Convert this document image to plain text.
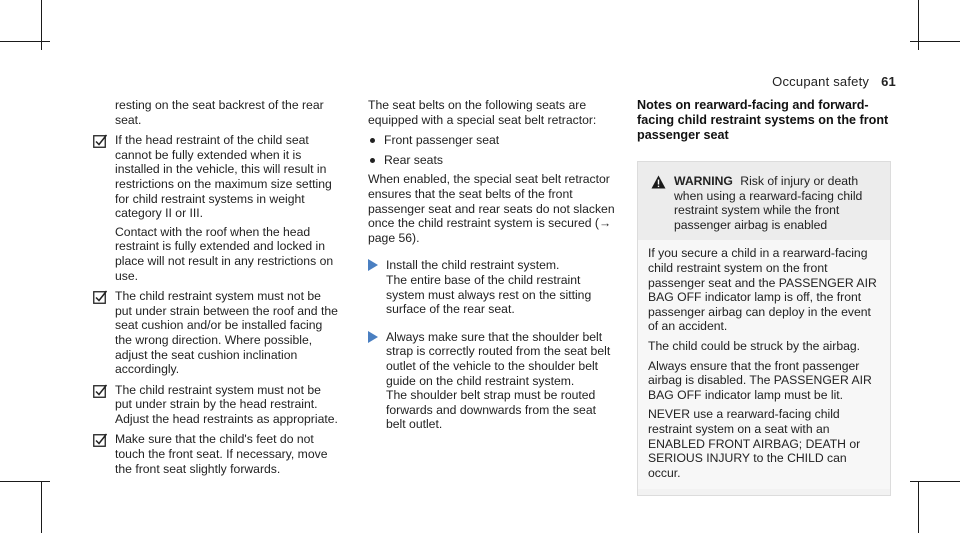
Occupant safety 61

resting on the seat backrest of the rear seat.

If the head restraint of the child seat cannot be fully extended when it is installed in the vehicle, this will result in restrictions on the maximum size setting for child restraint systems in weight category II or III.
Contact with the roof when the head restraint is fully extended and locked in place will not result in any restrictions on use.
The child restraint system must not be put under strain between the roof and the seat cushion and/or be installed facing the wrong direction. Where possible, adjust the seat cushion inclination accordingly.
The child restraint system must not be put under strain by the head restraint. Adjust the head restraints as appropriate.
Make sure that the child's feet do not touch the front seat. If necessary, move the front seat slightly forwards.

The seat belts on the following seats are equipped with a special seat belt retractor:

Front passenger seat
Rear seats

When enabled, the special seat belt retractor ensures that the seat belts of the front passenger seat and rear seats do not slacken once the child restraint system is secured (→ page 56).

Install the child restraint system.
The entire base of the child restraint system must always rest on the sitting surface of the rear seat.
Always make sure that the shoulder belt strap is correctly routed from the seat belt outlet of the vehicle to the shoulder belt guide on the child restraint system.
The shoulder belt strap must be routed forwards and downwards from the seat belt outlet.
Notes on rearward-facing and forward-facing child restraint systems on the front passenger seat
WARNING Risk of injury or death when using a rearward-facing child restraint system while the front passenger airbag is enabled

If you secure a child in a rearward-facing child restraint system on the front passenger seat and the PASSENGER AIR BAG OFF indicator lamp is off, the front passenger airbag can deploy in the event of an accident.

The child could be struck by the airbag.

Always ensure that the front passenger airbag is disabled. The PASSENGER AIR BAG OFF indicator lamp must be lit.

NEVER use a rearward-facing child restraint system on a seat with an ENABLED FRONT AIRBAG; DEATH or SERIOUS INJURY to the CHILD can occur.
